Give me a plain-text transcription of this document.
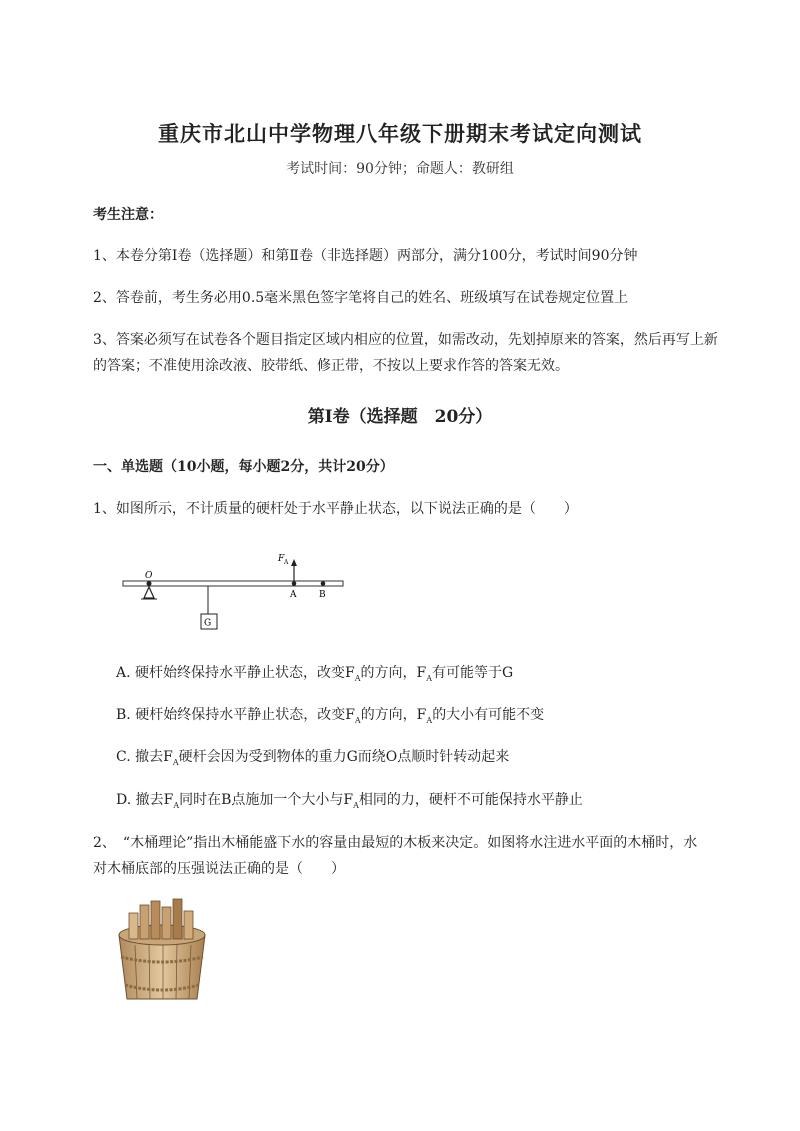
重庆市北山中学物理八年级下册期末考试定向测试
考试时间：90分钟；命题人：教研组
考生注意：
1、本卷分第I卷（选择题）和第Ⅱ卷（非选择题）两部分，满分100分，考试时间90分钟
2、答卷前，考生务必用0.5毫米黑色签字笔将自己的姓名、班级填写在试卷规定位置上
3、答案必须写在试卷各个题目指定区域内相应的位置，如需改动，先划掉原来的答案，然后再写上新
的答案；不准使用涂改液、胶带纸、修正带，不按以上要求作答的答案无效。
第I卷（选择题　20分）
一、单选题（10小题，每小题2分，共计20分）
1、如图所示，不计质量的硬杆处于水平静止状态，以下说法正确的是（　　）
O
F A
A	B
G
A. 硬杆始终保持水平静止状态，改变$F_A$的方向，$F_A$有可能等于G
B. 硬杆始终保持水平静止状态，改变$F_A$的方向，$F_A$的大小有可能不变
C. 撤去$F_A$硬杆会因为受到物体的重力G而绕O点顺时针转动起来
D. 撤去$F_A$同时在B点施加一个大小与$F_A$相同的力，硬杆不可能保持水平静止
2、　“木桶理论”指出木桶能盛下水的容量由最短的木板来决定。如图将水注进水平面的木桶时，水
对木桶底部的压强说法正确的是（　　）
